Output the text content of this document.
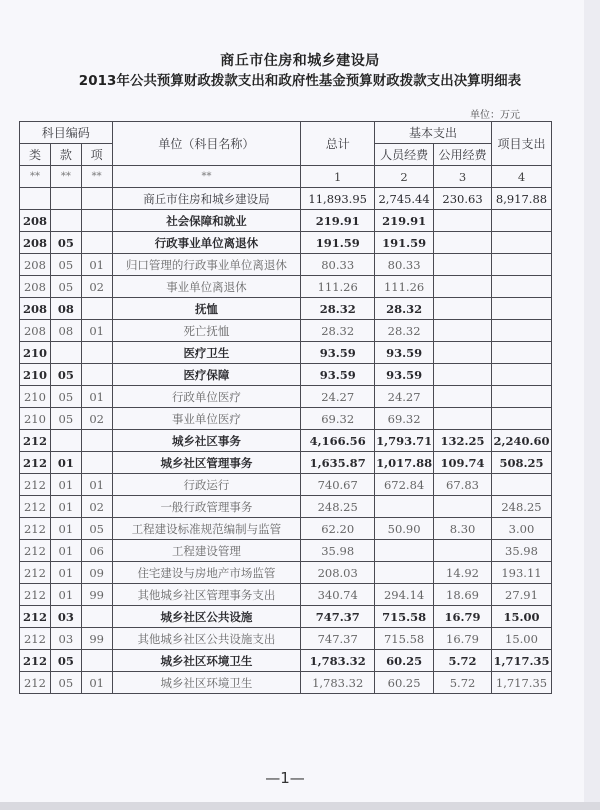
商丘市住房和城乡建设局
2013年公共预算财政拨款支出和政府性基金预算财政拨款支出决算明细表
单位：万元
科目编码			单位（科目名称）	总计	基本支出		项目支出
类	款	项			人员经费	公用经费	
**	**	**	**	1	2	3	4
			商丘市住房和城乡建设局	11,893.95	2,745.44	230.63	8,917.88
208			社会保障和就业	219.91	219.91		
208	05		行政事业单位离退休	191.59	191.59		
208	05	01	归口管理的行政事业单位离退休	80.33	80.33		
208	05	02	事业单位离退休	111.26	111.26		
208	08		抚恤	28.32	28.32		
208	08	01	死亡抚恤	28.32	28.32		
210			医疗卫生	93.59	93.59		
210	05		医疗保障	93.59	93.59		
210	05	01	行政单位医疗	24.27	24.27		
210	05	02	事业单位医疗	69.32	69.32		
212			城乡社区事务	4,166.56	1,793.71	132.25	2,240.60
212	01		城乡社区管理事务	1,635.87	1,017.88	109.74	508.25
212	01	01	行政运行	740.67	672.84	67.83	
212	01	02	一般行政管理事务	248.25			248.25
212	01	05	工程建设标准规范编制与监管	62.20	50.90	8.30	3.00
212	01	06	工程建设管理	35.98			35.98
212	01	09	住宅建设与房地产市场监管	208.03		14.92	193.11
212	01	99	其他城乡社区管理事务支出	340.74	294.14	18.69	27.91
212	03		城乡社区公共设施	747.37	715.58	16.79	15.00
212	03	99	其他城乡社区公共设施支出	747.37	715.58	16.79	15.00
212	05		城乡社区环境卫生	1,783.32	60.25	5.72	1,717.35
212	05	01	城乡社区环境卫生	1,783.32	60.25	5.72	1,717.35
—1—
